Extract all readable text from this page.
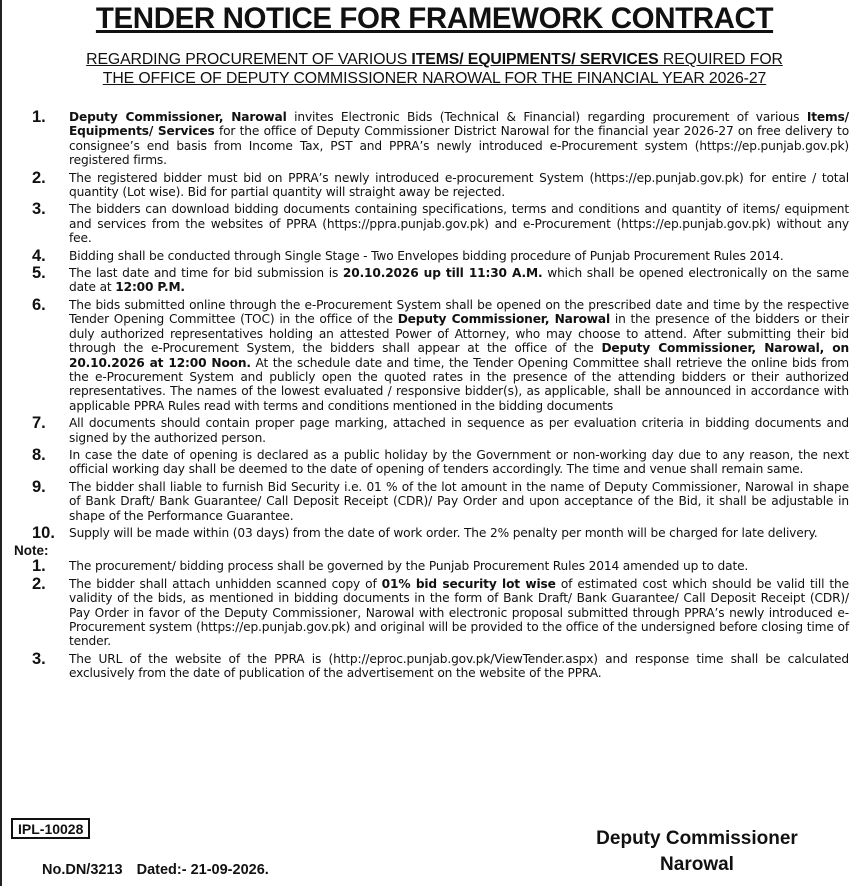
TENDER NOTICE FOR FRAMEWORK CONTRACT
REGARDING PROCUREMENT OF VARIOUS ITEMS/ EQUIPMENTS/ SERVICES REQUIRED FOR
THE OFFICE OF DEPUTY COMMISSIONER NAROWAL FOR THE FINANCIAL YEAR 2026-27
1.	Deputy Commissioner, Narowal invites Electronic Bids (Technical & Financial) regarding procurement of various Items/ Equipments/ Services for the office of Deputy Commissioner District Narowal for the financial year 2026-27 on free delivery to consignee’s end basis from Income Tax, PST and PPRA’s newly introduced e-Procurement system (https://ep.punjab.gov.pk) registered firms.
2.	The registered bidder must bid on PPRA’s newly introduced e-procurement System (https://ep.punjab.gov.pk) for entire / total quantity (Lot wise). Bid for partial quantity will straight away be rejected.
3.	The bidders can download bidding documents containing specifications, terms and conditions and quantity of items/ equipment and services from the websites of PPRA (https://ppra.punjab.gov.pk) and e-Procurement (https://ep.punjab.gov.pk) without any fee.
4.	Bidding shall be conducted through Single Stage - Two Envelopes bidding procedure of Punjab Procurement Rules 2014.
5.	The last date and time for bid submission is 20.10.2026 up till 11:30 A.M. which shall be opened electronically on the same date at 12:00 P.M.
6.	The bids submitted online through the e-Procurement System shall be opened on the prescribed date and time by the respective Tender Opening Committee (TOC) in the office of the Deputy Commissioner, Narowal in the presence of the bidders or their duly authorized representatives holding an attested Power of Attorney, who may choose to attend. After submitting their bid through the e-Procurement System, the bidders shall appear at the office of the Deputy Commissioner, Narowal, on 20.10.2026 at 12:00 Noon. At the schedule date and time, the Tender Opening Committee shall retrieve the online bids from the e-Procurement System and publicly open the quoted rates in the presence of the attending bidders or their authorized representatives. The names of the lowest evaluated / responsive bidder(s), as applicable, shall be announced in accordance with applicable PPRA Rules read with terms and conditions mentioned in the bidding documents
7.	All documents should contain proper page marking, attached in sequence as per evaluation criteria in bidding documents and signed by the authorized person.
8.	In case the date of opening is declared as a public holiday by the Government or non-working day due to any reason, the next official working day shall be deemed to the date of opening of tenders accordingly. The time and venue shall remain same.
9.	The bidder shall liable to furnish Bid Security i.e. 01 % of the lot amount in the name of Deputy Commissioner, Narowal in shape of Bank Draft/ Bank Guarantee/ Call Deposit Receipt (CDR)/ Pay Order and upon acceptance of the Bid, it shall be adjustable in shape of the Performance Guarantee.
10.	Supply will be made within (03 days) from the date of work order. The 2% penalty per month will be charged for late delivery.
Note:
1.	The procurement/ bidding process shall be governed by the Punjab Procurement Rules 2014 amended up to date.
2.	The bidder shall attach unhidden scanned copy of 01% bid security lot wise of estimated cost which should be valid till the validity of the bids, as mentioned in bidding documents in the form of Bank Draft/ Bank Guarantee/ Call Deposit Receipt (CDR)/ Pay Order in favor of the Deputy Commissioner, Narowal with electronic proposal submitted through PPRA’s newly introduced e-Procurement system (https://ep.punjab.gov.pk) and original will be provided to the office of the undersigned before closing time of tender.
3.	The URL of the website of the PPRA is (http://eproc.punjab.gov.pk/ViewTender.aspx) and response time shall be calculated exclusively from the date of publication of the advertisement on the website of the PPRA.
IPL-10028
No.DN/3213 Dated:- 21-09-2026.
Deputy Commissioner
Narowal
